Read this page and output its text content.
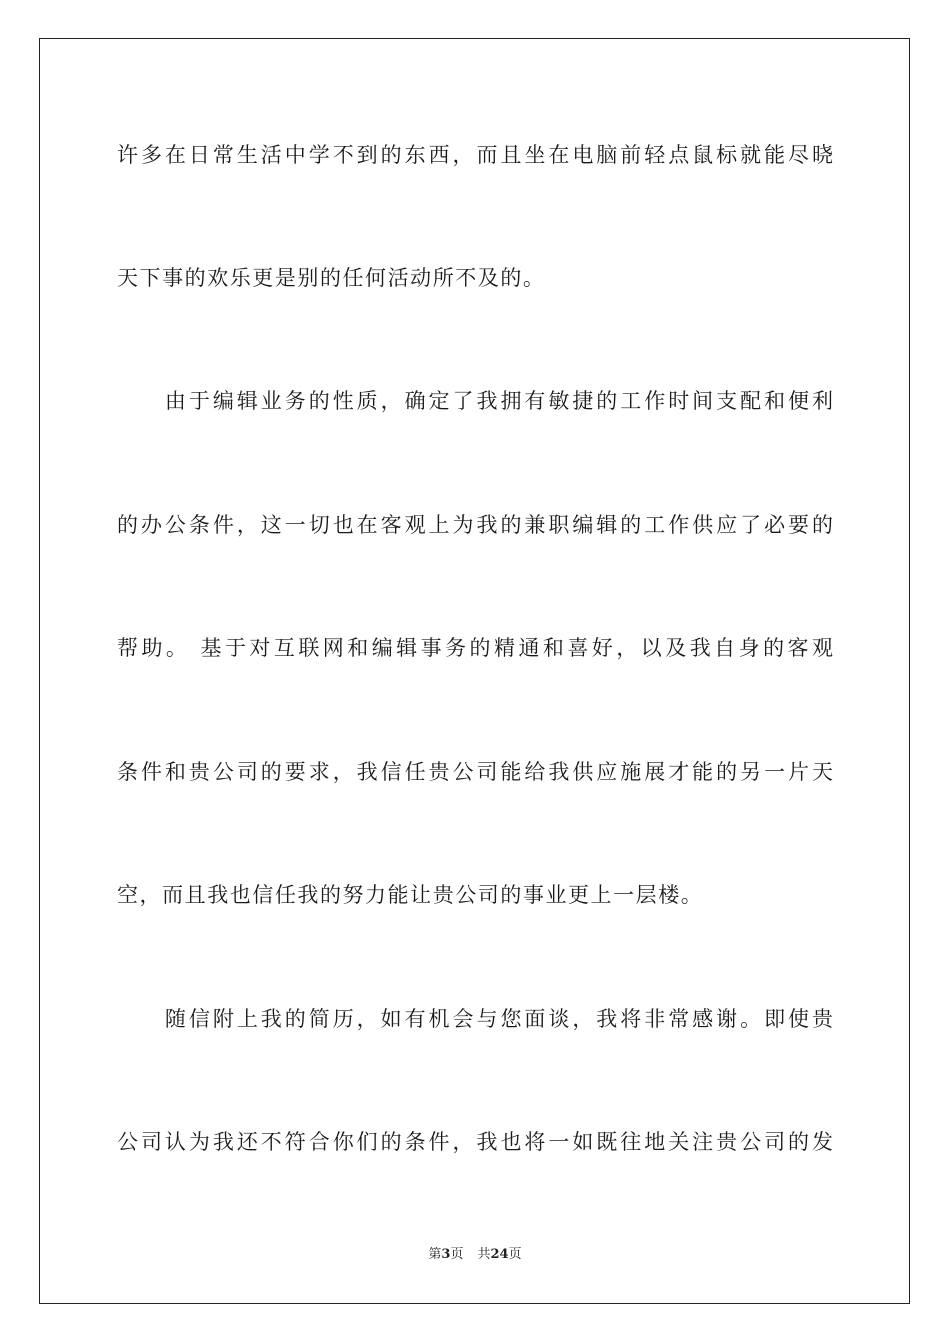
许多在日常生活中学不到的东西，而且坐在电脑前轻点鼠标就能尽晓
天下事的欢乐更是别的任何活动所不及的。
　　由于编辑业务的性质，确定了我拥有敏捷的工作时间支配和便利
的办公条件，这一切也在客观上为我的兼职编辑的工作供应了必要的
帮助。 基于对互联网和编辑事务的精通和喜好，以及我自身的客观
条件和贵公司的要求，我信任贵公司能给我供应施展才能的另一片天
空，而且我也信任我的努力能让贵公司的事业更上一层楼。
　　随信附上我的简历，如有机会与您面谈，我将非常感谢。即使贵
公司认为我还不符合你们的条件，我也将一如既往地关注贵公司的发
第3页 共24页
